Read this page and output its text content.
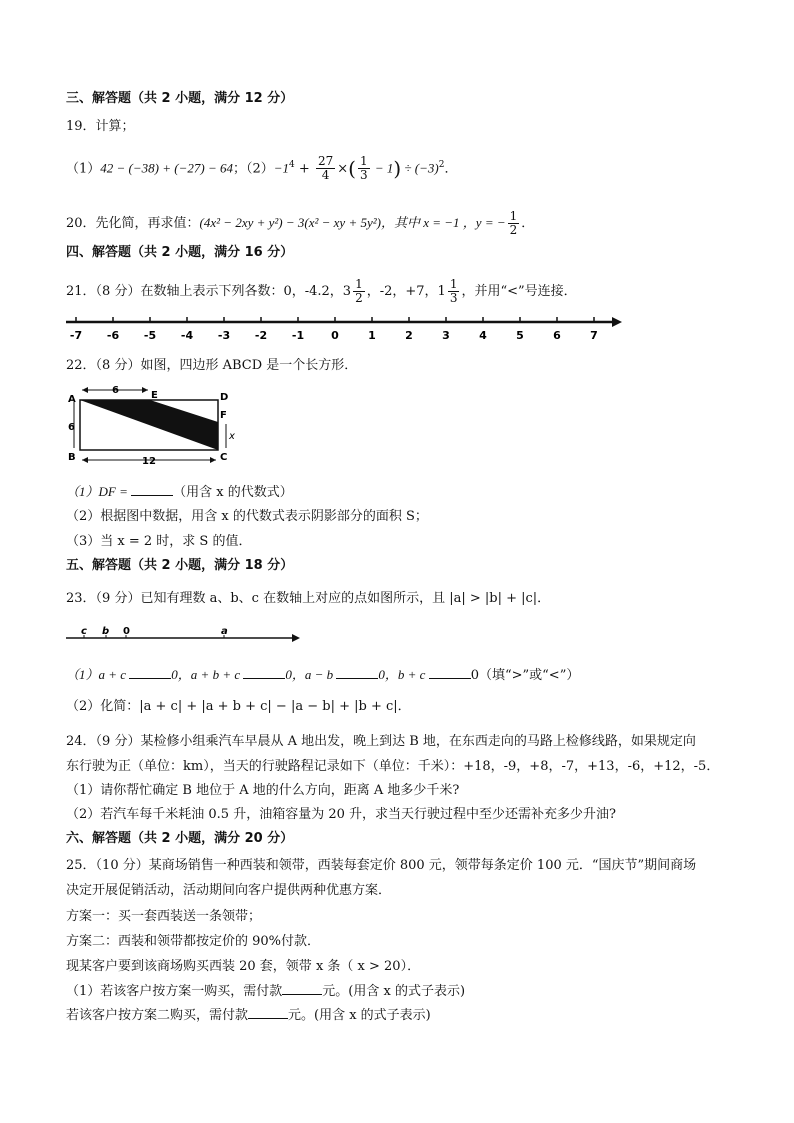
三、解答题（共 2 小题，满分 12 分）
19．计算；
（1）42 − (−38) + (−27) − 64；$(2)-1^4 + \frac{27}{4}$ ×( $\frac{1}{3} - 1) \div (-3)^2$．
20．先化简，再求值：(4x² − 2xy + y²) − 3(x² − xy + 5y²)，其中 x = −1 ，y = − $\frac{1}{2}$ ．
四、解答题（共 2 小题，满分 16 分）
21．（8 分）在数轴上表示下列各数：0，-4.2，$3 \frac{1}{2}$ ，-2，+7，$1 \frac{1}{3}$ ，并用“<”号连接．
-7 -6 -5 -4 -3 -2 -1 0	1	2	3	4	5	6	7
22．（8 分）如图，四边形 ABCD 是一个长方形．
A
B	C
D
E
F
6
6
12
x
（1）DF =	（用含 x 的代数式）
（2）根据图中数据，用含 x 的代数式表示阴影部分的面积 S；
（3）当 x = 2 时，求 S 的值．
五、解答题（共 2 小题，满分 18 分）
23．（9 分）已知有理数 a、b、c 在数轴上对应的点如图所示，且 |a| > |b| + |c|．
c b 0	a
（1）a + c	0，a + b + c	0，a − b	0，b + c	0（填“>”或“<”）
（2）化简：|a + c| + |a + b + c| − |a − b| + |b + c|．
24．（9 分）某检修小组乘汽车早晨从 A 地出发，晚上到达 B 地，在东西走向的马路上检修线路，如果规定向
东行驶为正（单位：km），当天的行驶路程记录如下（单位：千米）：+18，-9，+8，-7，+13，-6，+12，-5．
（1）请你帮忙确定 B 地位于 A 地的什么方向，距离 A 地多少千米?
（2）若汽车每千米耗油 0.5 升，油箱容量为 20 升，求当天行驶过程中至少还需补充多少升油?
六、解答题（共 2 小题，满分 20 分）
25．（10 分）某商场销售一种西装和领带，西装每套定价 800 元，领带每条定价 100 元．“国庆节”期间商场
决定开展促销活动，活动期间向客户提供两种优惠方案．
方案一：买一套西装送一条领带；
方案二：西装和领带都按定价的 90%付款．
现某客户要到该商场购买西装 20 套，领带 x 条（ x > 20）．
（1）若该客户按方案一购买，需付款	元。(用含 x 的式子表示)
若该客户按方案二购买，需付款	元。(用含 x 的式子表示)
